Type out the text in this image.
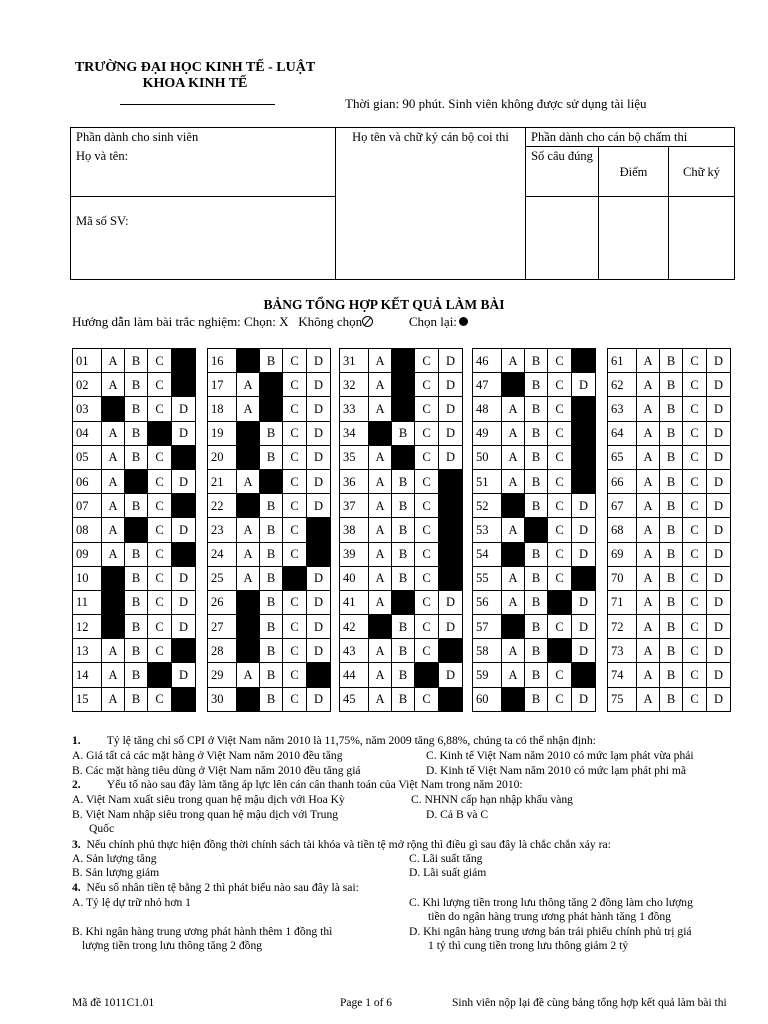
TRƯỜNG ĐẠI HỌC KINH TẾ - LUẬT
KHOA KINH TẾ
Thời gian: 90 phút. Sinh viên không được sử dụng tài liệu
Phần dành cho sinh viên	Họ tên và chữ ký cán bộ coi thi	Phần dành cho cán bộ chấm thi		
Họ và tên:		Số câu đúng	Điểm	Chữ ký
Mã số SV:				
BẢNG TỔNG HỢP KẾT QUẢ LÀM BÀI
Hướng dẫn làm bài trắc nghiệm: Chọn: X Không chọn	Chọn lại:
01	A	B	C	
02	A	B	C	
03		B	C	D
04	A	B		D
05	A	B	C	
06	A		C	D
07	A	B	C	
08	A		C	D
09	A	B	C	
10		B	C	D
11		B	C	D
12		B	C	D
13	A	B	C	
14	A	B		D
15	A	B	C	
16		B	C	D
17	A		C	D
18	A		C	D
19		B	C	D
20		B	C	D
21	A		C	D
22		B	C	D
23	A	B	C	
24	A	B	C	
25	A	B		D
26		B	C	D
27		B	C	D
28		B	C	D
29	A	B	C	
30		B	C	D
31	A		C	D
32	A		C	D
33	A		C	D
34		B	C	D
35	A		C	D
36	A	B	C	
37	A	B	C	
38	A	B	C	
39	A	B	C	
40	A	B	C	
41	A		C	D
42		B	C	D
43	A	B	C	
44	A	B		D
45	A	B	C	
46	A	B	C	
47		B	C	D
48	A	B	C	
49	A	B	C	
50	A	B	C	
51	A	B	C	
52		B	C	D
53	A		C	D
54		B	C	D
55	A	B	C	
56	A	B		D
57		B	C	D
58	A	B		D
59	A	B	C	
60		B	C	D
61	A	B	C	D
62	A	B	C	D
63	A	B	C	D
64	A	B	C	D
65	A	B	C	D
66	A	B	C	D
67	A	B	C	D
68	A	B	C	D
69	A	B	C	D
70	A	B	C	D
71	A	B	C	D
72	A	B	C	D
73	A	B	C	D
74	A	B	C	D
75	A	B	C	D
1. Tỷ lệ tăng chỉ số CPI ở Việt Nam năm 2010 là 11,75%, năm 2009 tăng 6,88%, chúng ta có thể nhận định:
A. Giá tất cả các mặt hàng ở Việt Nam năm 2010 đều tăng	C. Kinh tế Việt Nam năm 2010 có mức lạm phát vừa phải
B. Các mặt hàng tiêu dùng ở Việt Nam năm 2010 đều tăng giá	D. Kinh tế Việt Nam năm 2010 có mức lạm phát phi mã
2. Yếu tố nào sau đây làm tăng áp lực lên cán cân thanh toán của Việt Nam trong năm 2010:
A. Việt Nam xuất siêu trong quan hệ mậu dịch với Hoa Kỳ	C. NHNN cấp hạn nhập khẩu vàng
B. Việt Nam nhập siêu trong quan hệ mậu dịch với Trung
Quốc
D. Cả B và C
3. Nếu chính phủ thực hiện đồng thời chính sách tài khóa và tiền tệ mở rộng thì điều gì sau đây là chắc chắn xảy ra:
A. Sản lượng tăng	C. Lãi suất tăng
B. Sản lượng giảm	D. Lãi suất giảm
4. Nếu số nhân tiền tệ bằng 2 thì phát biểu nào sau đây là sai:
A. Tỷ lệ dự trữ nhỏ hơn 1	C. Khi lượng tiền trong lưu thông tăng 2 đồng làm cho lượng
tiền do ngân hàng trung ương phát hành tăng 1 đồng
B. Khi ngân hàng trung ương phát hành thêm 1 đồng thì
lượng tiền trong lưu thông tăng 2 đồng
D. Khi ngân hàng trung ương bán trái phiếu chính phủ trị giá
1 tỷ thì cung tiền trong lưu thông giảm 2 tỷ
Mã đề 1011C1.01	Page 1 of 6	Sinh viên nộp lại đề cùng bảng tổng hợp kết quả làm bài thi
